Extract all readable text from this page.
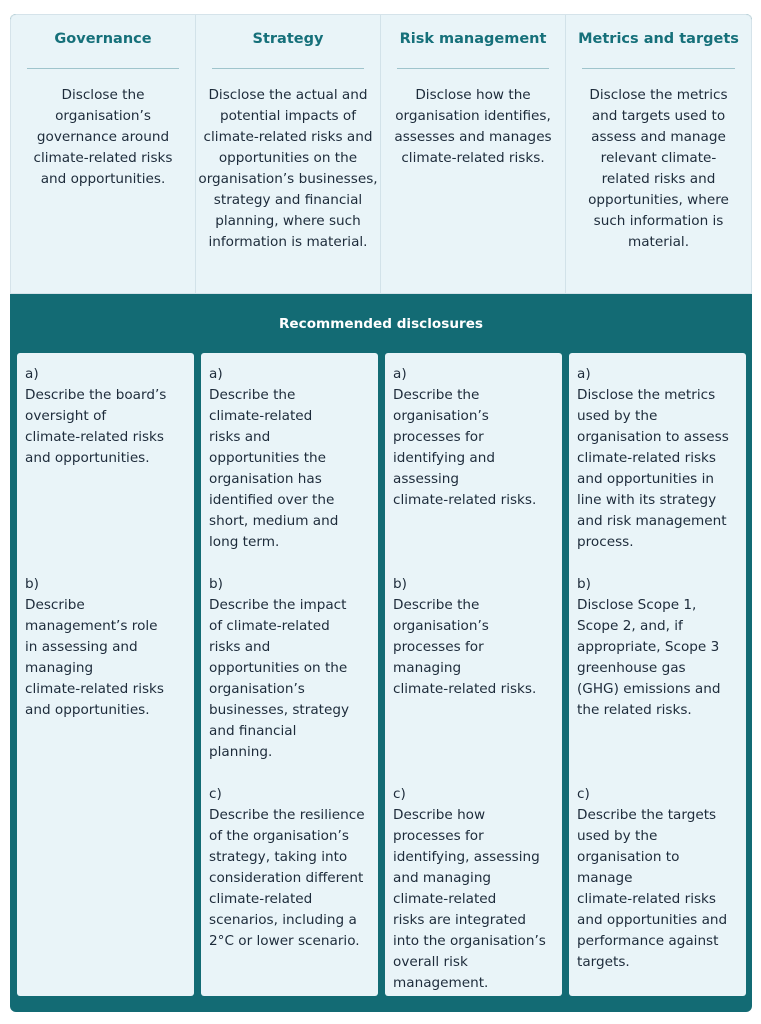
Governance
Disclose the organisation’s governance around climate-related risks and opportunities.
Strategy
Disclose the actual and potential impacts of climate-related risks and opportunities on the organisation’s businesses, strategy and financial planning, where such information is material.
Risk management
Disclose how the organisation identifies, assesses and manages climate-related risks.
Metrics and targets
Disclose the metrics and targets used to assess and manage relevant climate-related risks and opportunities, where such information is material.
Recommended disclosures
a)
Describe the board’s
oversight of
climate-related risks
and opportunities.
b)
Describe
management’s role
in assessing and
managing
climate-related risks
and opportunities.
a)
Describe the
climate-related
risks and
opportunities the
organisation has
identified over the
short, medium and
long term.
b)
Describe the impact
of climate-related
risks and
opportunities on the
organisation’s
businesses, strategy
and financial
planning.
c)
Describe the resilience
of the organisation’s
strategy, taking into
consideration different
climate-related
scenarios, including a
2°C or lower scenario.
a)
Describe the
organisation’s
processes for
identifying and
assessing
climate-related risks.
b)
Describe the
organisation’s
processes for
managing
climate-related risks.
c)
Describe how
processes for
identifying, assessing
and managing
climate-related
risks are integrated
into the organisation’s
overall risk
management.
a)
Disclose the metrics
used by the
organisation to assess
climate-related risks
and opportunities in
line with its strategy
and risk management
process.
b)
Disclose Scope 1,
Scope 2, and, if
appropriate, Scope 3
greenhouse gas
(GHG) emissions and
the related risks.
c)
Describe the targets
used by the
organisation to
manage
climate-related risks
and opportunities and
performance against
targets.
